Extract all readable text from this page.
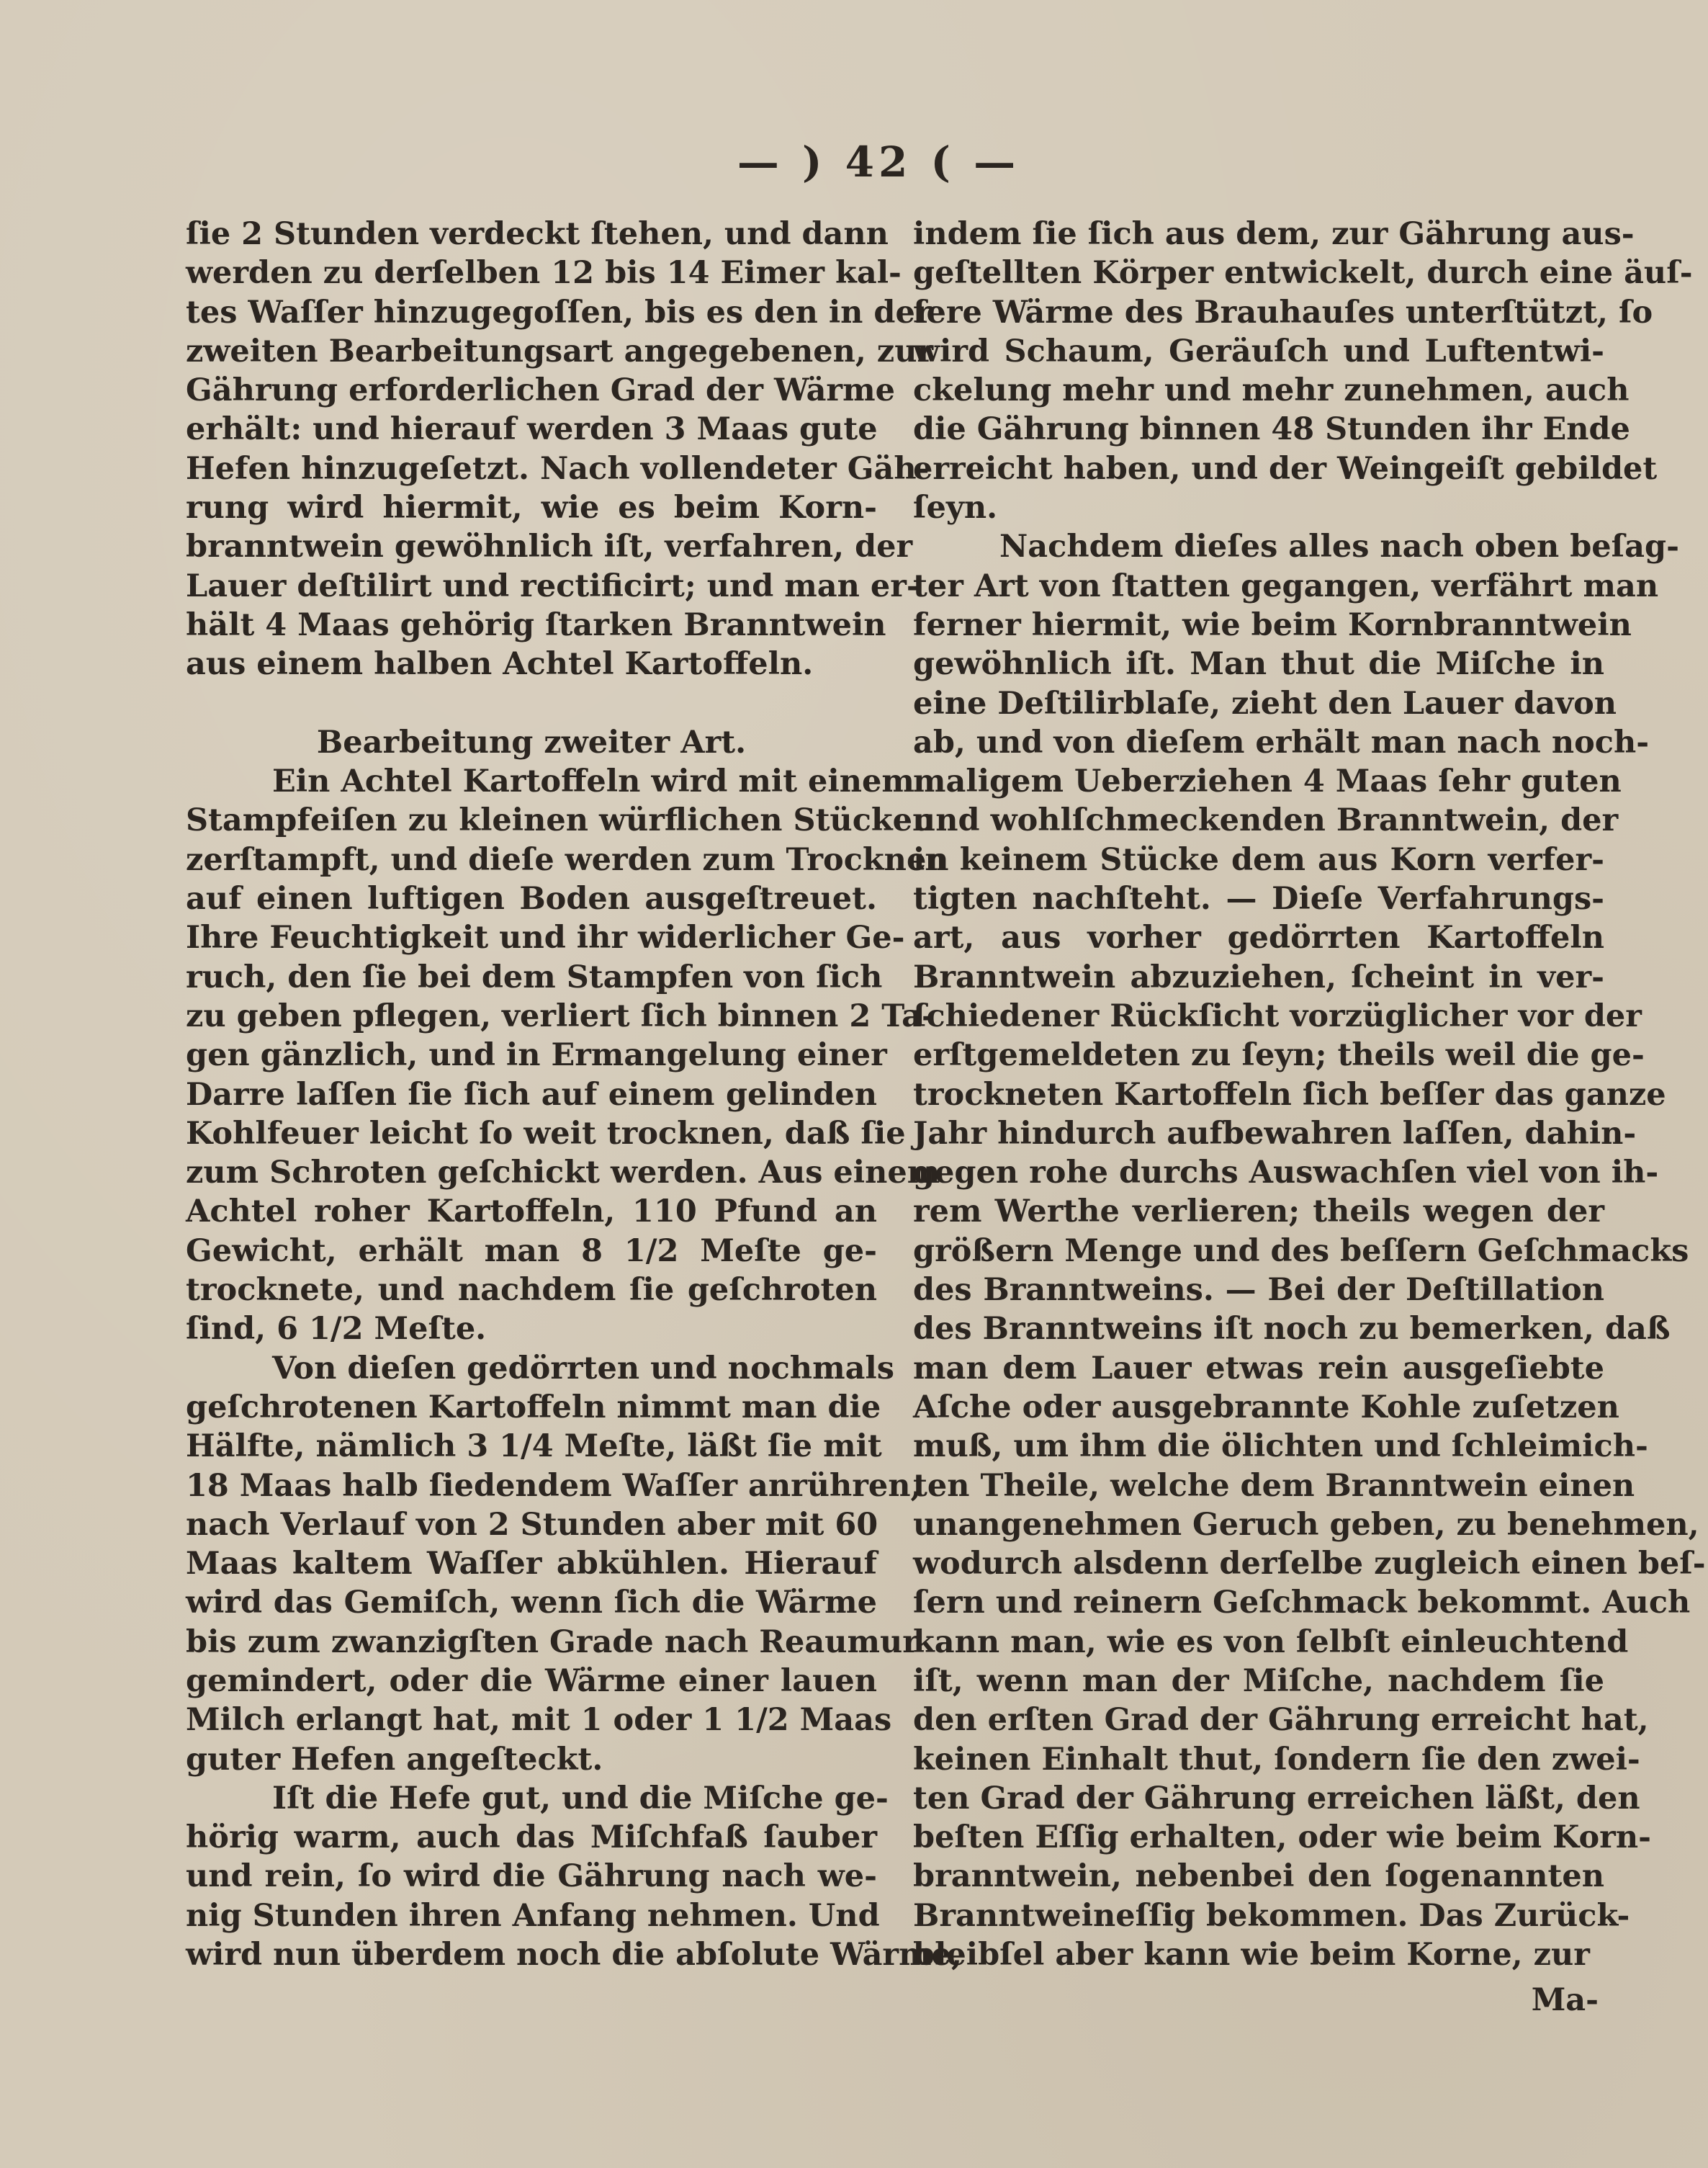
— ) 42 ( —
ſie 2 Stunden verdeckt ſtehen, und dann
werden zu derſelben 12 bis 14 Eimer kal-
tes Waſſer hinzugegoſſen, bis es den in der
zweiten Bearbeitungsart angegebenen, zur
Gährung erforderlichen Grad der Wärme
erhält: und hierauf werden 3 Maas gute
Hefen hinzugeſetzt. Nach vollendeter Gäh-
rung wird hiermit, wie es beim Korn-
branntwein gewöhnlich iſt, verfahren, der
Lauer deſtilirt und rectificirt; und man er-
hält 4 Maas gehörig ſtarken Branntwein
aus einem halben Achtel Kartoffeln.
Bearbeitung zweiter Art.
Ein Achtel Kartoffeln wird mit einem
Stampfeiſen zu kleinen würflichen Stücken
zerſtampft, und dieſe werden zum Trocknen
auf einen luftigen Boden ausgeſtreuet.
Ihre Feuchtigkeit und ihr widerlicher Ge-
ruch, den ſie bei dem Stampfen von ſich
zu geben pflegen, verliert ſich binnen 2 Ta-
gen gänzlich, und in Ermangelung einer
Darre laſſen ſie ſich auf einem gelinden
Kohlfeuer leicht ſo weit trocknen, daß ſie
zum Schroten geſchickt werden. Aus einem
Achtel roher Kartoffeln, 110 Pfund an
Gewicht, erhält man 8 1/2 Meſte ge-
trocknete, und nachdem ſie geſchroten
ſind, 6 1/2 Meſte.
Von dieſen gedörrten und nochmals
geſchrotenen Kartoffeln nimmt man die
Hälfte, nämlich 3 1/4 Meſte, läßt ſie mit
18 Maas halb ſiedendem Waſſer anrühren,
nach Verlauf von 2 Stunden aber mit 60
Maas kaltem Waſſer abkühlen. Hierauf
wird das Gemiſch, wenn ſich die Wärme
bis zum zwanzigſten Grade nach Reaumur
gemindert, oder die Wärme einer lauen
Milch erlangt hat, mit 1 oder 1 1/2 Maas
guter Hefen angeſteckt.
Iſt die Hefe gut, und die Miſche ge-
hörig warm, auch das Miſchfaß ſauber
und rein, ſo wird die Gährung nach we-
nig Stunden ihren Anfang nehmen. Und
wird nun überdem noch die abſolute Wärme,
indem ſie ſich aus dem, zur Gährung aus-
geſtellten Körper entwickelt, durch eine äuſ-
ſere Wärme des Brauhauſes unterſtützt, ſo
wird Schaum, Geräuſch und Luftentwi-
ckelung mehr und mehr zunehmen, auch
die Gährung binnen 48 Stunden ihr Ende
erreicht haben, und der Weingeiſt gebildet
ſeyn.
Nachdem dieſes alles nach oben beſag-
ter Art von ſtatten gegangen, verfährt man
ferner hiermit, wie beim Kornbranntwein
gewöhnlich iſt. Man thut die Miſche in
eine Deſtilirblaſe, zieht den Lauer davon
ab, und von dieſem erhält man nach noch-
maligem Ueberziehen 4 Maas ſehr guten
und wohlſchmeckenden Branntwein, der
in keinem Stücke dem aus Korn verfer-
tigten nachſteht. — Dieſe Verfahrungs-
art, aus vorher gedörrten Kartoffeln
Branntwein abzuziehen, ſcheint in ver-
ſchiedener Rückſicht vorzüglicher vor der
erſtgemeldeten zu ſeyn; theils weil die ge-
trockneten Kartoffeln ſich beſſer das ganze
Jahr hindurch aufbewahren laſſen, dahin-
gegen rohe durchs Auswachſen viel von ih-
rem Werthe verlieren; theils wegen der
größern Menge und des beſſern Geſchmacks
des Branntweins. — Bei der Deſtillation
des Branntweins iſt noch zu bemerken, daß
man dem Lauer etwas rein ausgeſiebte
Aſche oder ausgebrannte Kohle zuſetzen
muß, um ihm die ölichten und ſchleimich-
ten Theile, welche dem Branntwein einen
unangenehmen Geruch geben, zu benehmen,
wodurch alsdenn derſelbe zugleich einen beſ-
ſern und reinern Geſchmack bekommt. Auch
kann man, wie es von ſelbſt einleuchtend
iſt, wenn man der Miſche, nachdem ſie
den erſten Grad der Gährung erreicht hat,
keinen Einhalt thut, ſondern ſie den zwei-
ten Grad der Gährung erreichen läßt, den
beſten Eſſig erhalten, oder wie beim Korn-
branntwein, nebenbei den ſogenannten
Branntweineſſig bekommen. Das Zurück-
bleibſel aber kann wie beim Korne, zur
Ma-
